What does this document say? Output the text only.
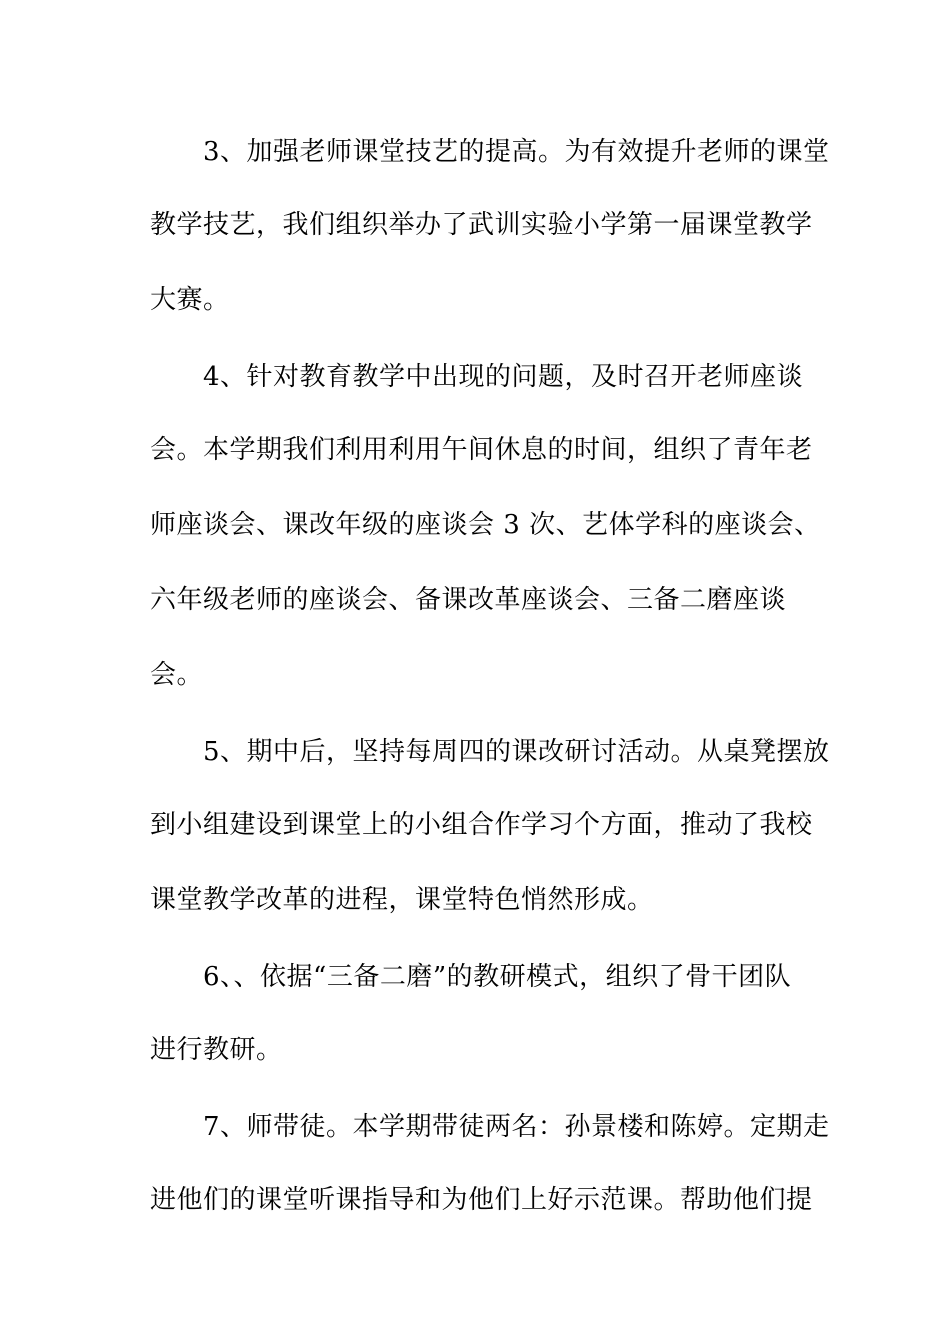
3、加强老师课堂技艺的提高。为有效提升老师的课堂
教学技艺，我们组织举办了武训实验小学第一届课堂教学
大赛。
4、针对教育教学中出现的问题，及时召开老师座谈
会。本学期我们利用利用午间休息的时间，组织了青年老
师座谈会、课改年级的座谈会 3 次、艺体学科的座谈会、
六年级老师的座谈会、备课改革座谈会、三备二磨座谈
会。
5、期中后，坚持每周四的课改研讨活动。从桌凳摆放
到小组建设到课堂上的小组合作学习个方面，推动了我校
课堂教学改革的进程，课堂特色悄然形成。
6、、依据“三备二磨”的教研模式，组织了骨干团队
进行教研。
7、师带徒。本学期带徒两名：孙景楼和陈婷。定期走
进他们的课堂听课指导和为他们上好示范课。帮助他们提
